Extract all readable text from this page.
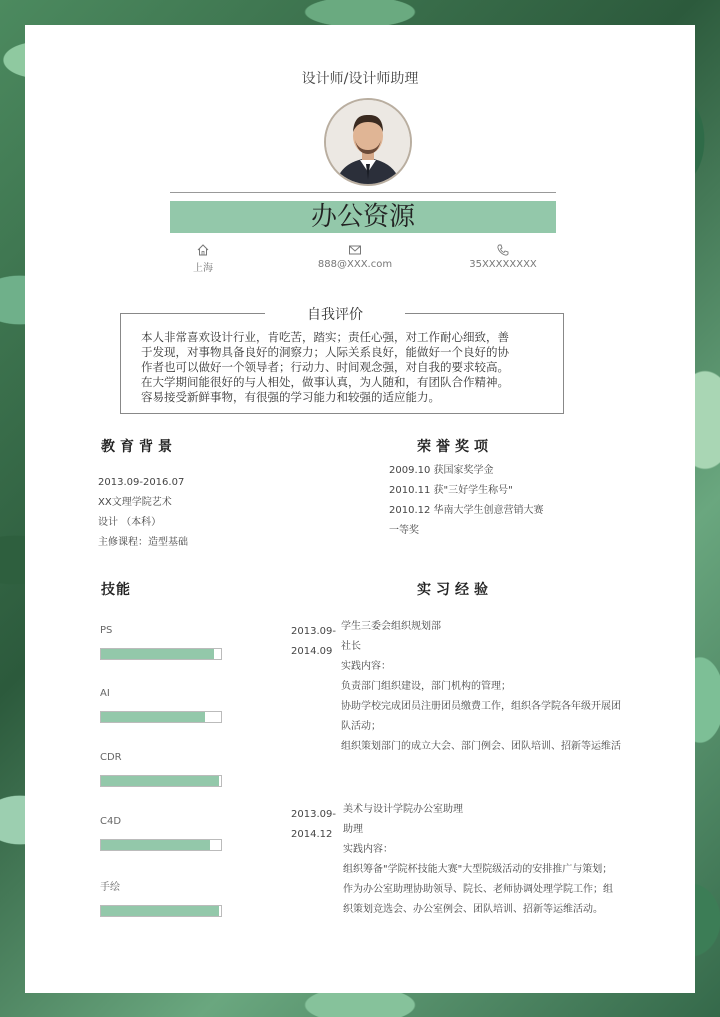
设计师/设计师助理
办公资源
上海	888@XXX.com	35XXXXXXXX
自我评价
本人非常喜欢设计行业，肯吃苦，踏实；责任心强，对工作耐心细致，善
于发现，对事物具备良好的洞察力；人际关系良好，能做好一个良好的协
作者也可以做好一个领导者；行动力、时间观念强，对自我的要求较高。
在大学期间能很好的与人相处，做事认真，为人随和，有团队合作精神。
容易接受新鲜事物，有很强的学习能力和较强的适应能力。
教育背景
2013.09-2016.07
XX文理学院艺术
设计 （本科）
主修课程：造型基础
荣誉奖项
2009.10 获国家奖学金
2010.11 获"三好学生称号"
2010.12 华南大学生创意营销大赛
一等奖
技能
PS
AI
CDR
C4D
手绘
实习经验
2013.09-
2014.09
学生三委会组织规划部
社长
实践内容：
负责部门组织建设，部门机构的管理；
协助学校完成团员注册团员缴费工作，组织各学院各年级开展团
队活动；
组织策划部门的成立大会、部门例会、团队培训、招新等运维活
2013.09-
2014.12
美术与设计学院办公室助理
助理
实践内容：
组织筹备"学院杯技能大赛"大型院级活动的安排推广与策划；
作为办公室助理协助领导、院长、老师协调处理学院工作；组
织策划竞选会、办公室例会、团队培训、招新等运维活动。
